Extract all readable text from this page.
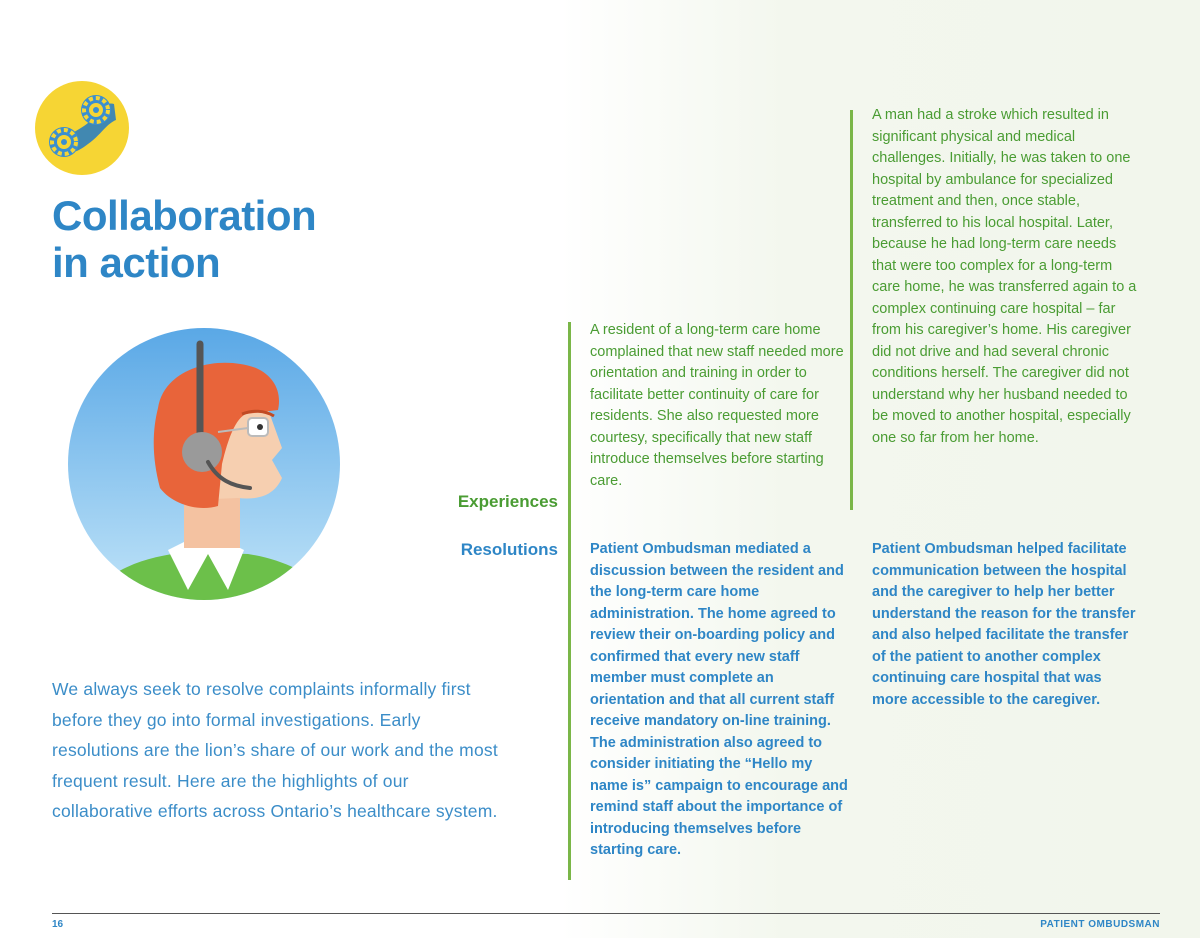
Collaboration
in action

We always seek to resolve complaints informally first before they go into formal investigations. Early resolutions are the lion’s share of our work and the most frequent result. Here are the highlights of our collaborative efforts across Ontario’s healthcare system.

Experiences
Resolutions

A resident of a long-term care home complained that new staff needed more orientation and training in order to facilitate better continuity of care for residents. She also requested more courtesy, specifically that new staff introduce themselves before starting care.

Patient Ombudsman mediated a discussion between the resident and the long-term care home administration. The home agreed to review their on-boarding policy and confirmed that every new staff member must complete an orientation and that all current staff receive mandatory on-line training. The administration also agreed to consider initiating the “Hello my name is” campaign to encourage and remind staff about the importance of introducing themselves before starting care.

A man had a stroke which resulted in significant physical and medical challenges. Initially, he was taken to one hospital by ambulance for specialized treatment and then, once stable, transferred to his local hospital. Later, because he had long-term care needs that were too complex for a long-term care home, he was transferred again to a complex continuing care hospital – far from his caregiver’s home. His caregiver did not drive and had several chronic conditions herself. The caregiver did not understand why her husband needed to be moved to another hospital, especially one so far from her home.

Patient Ombudsman helped facilitate communication between the hospital and the caregiver to help her better understand the reason for the transfer and also helped facilitate the transfer of the patient to another complex continuing care hospital that was more accessible to the caregiver.

16	PATIENT OMBUDSMAN
